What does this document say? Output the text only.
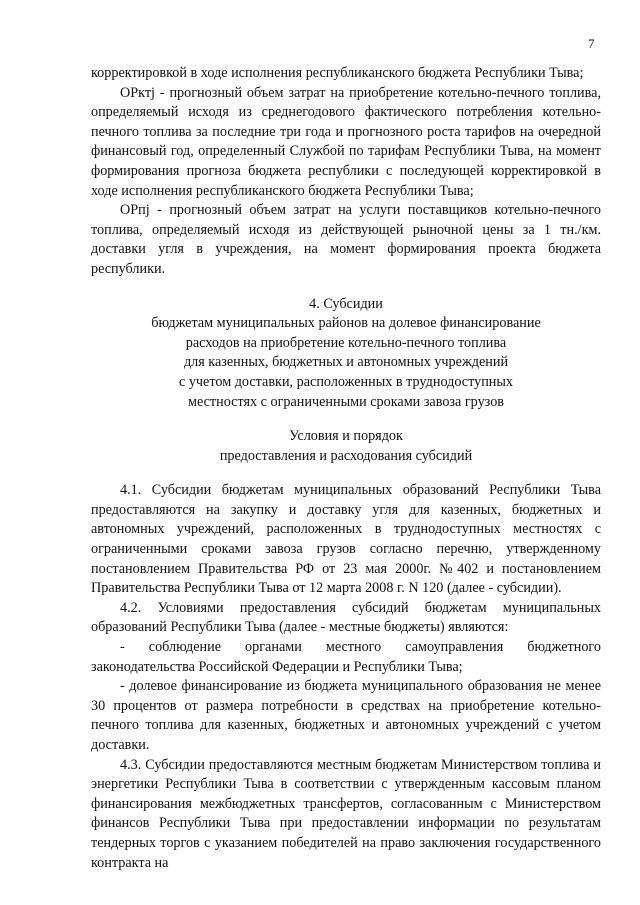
7

корректировкой в ходе исполнения республиканского бюджета Республики Тыва;

ОРктj - прогнозный объем затрат на приобретение котельно-печного топлива, определяемый исходя из среднегодового фактического потребления котельно-печного топлива за последние три года и прогнозного роста тарифов на очередной финансовый год, определенный Службой по тарифам Республики Тыва, на момент формирования прогноза бюджета республики с последующей корректировкой в ходе исполнения республиканского бюджета Республики Тыва;

ОРпj - прогнозный объем затрат на услуги поставщиков котельно-печного топлива, определяемый исходя из действующей рыночной цены за 1 тн./км. доставки угля в учреждения, на момент формирования проекта бюджета республики.

4. Субсидии

бюджетам муниципальных районов на долевое финансирование

расходов на приобретение котельно-печного топлива

для казенных, бюджетных и автономных учреждений

с учетом доставки, расположенных в труднодоступных

местностях с ограниченными сроками завоза грузов

Условия и порядок

предоставления и расходования субсидий

4.1. Субсидии бюджетам муниципальных образований Республики Тыва предоставляются на закупку и доставку угля для казенных, бюджетных и автономных учреждений, расположенных в труднодоступных местностях с ограниченными сроками завоза грузов согласно перечню, утвержденному постановлением Правительства РФ от 23 мая 2000г. №402 и постановлением Правительства Республики Тыва от 12 марта 2008 г. N 120 (далее - субсидии).

4.2. Условиями предоставления субсидий бюджетам муниципальных образований Республики Тыва (далее - местные бюджеты) являются:

- соблюдение органами местного самоуправления бюджетного законодательства Российской Федерации и Республики Тыва;

- долевое финансирование из бюджета муниципального образования не менее 30 процентов от размера потребности в средствах на приобретение котельно-печного топлива для казенных, бюджетных и автономных учреждений с учетом доставки.

4.3. Субсидии предоставляются местным бюджетам Министерством топлива и энергетики Республики Тыва в соответствии с утвержденным кассовым планом финансирования межбюджетных трансфертов, согласованным с Министерством финансов Республики Тыва при предоставлении информации по результатам тендерных торгов с указанием победителей на право заключения государственного контракта на
